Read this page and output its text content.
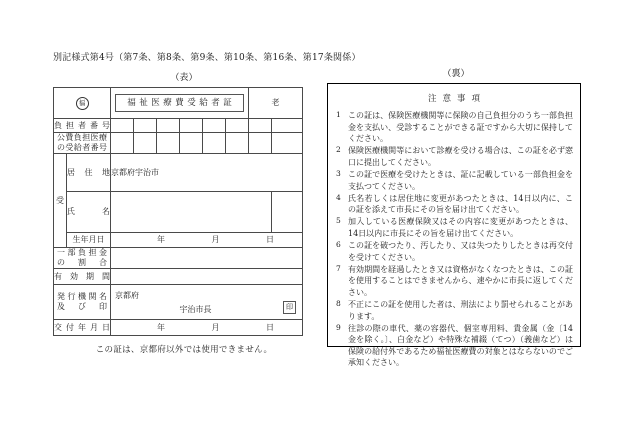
別記様式第4号（第7条、第8条、第9条、第10条、第16条、第17条関係）
（表）
福		福祉医療費受給者証						老	
負担者番号									

公費負担医療
の受給者番号									

受	居住地	京都府宇治市							
	氏名								
	生年月日	年 月 日							

一部負担金
の割合									

有効期間									

発行機関名
及び印

京都府
宇治市長	印

交付年月日		年 月 日							
この証は、京都府以外では使用できません。
（裏）
注意事項
1 この証は、保険医療機関等に保険の自己負担分のうち一部負担金を支払い、受診することができる証ですから大切に保持してください。
2 保険医療機関等において診療を受ける場合は、この証を必ず窓口に提出してください。
3 この証で医療を受けたときは、証に記載している一部負担金を支払つてください。
4 氏名若しくは居住地に変更があつたときは、14日以内に、この証を添えて市長にその旨を届け出てください。
5 加入している医療保険又はその内容に変更があつたときは、14日以内に市長にその旨を届け出てください。
6 この証を破つたり、汚したり、又は失つたりしたときは再交付を受けてください。
7 有効期間を経過したとき又は資格がなくなつたときは、この証を使用することはできませんから、速やかに市長に返してください。
8 不正にこの証を使用した者は、刑法により罰せられることがあります。
9 往診の際の車代、薬の容器代、個室専用料、貴金属（金〔14金を除く。〕、白金など）や特殊な補綴（てつ）（義歯など）は保険の給付外であるため福祉医療費の対象とはならないのでご承知ください。
